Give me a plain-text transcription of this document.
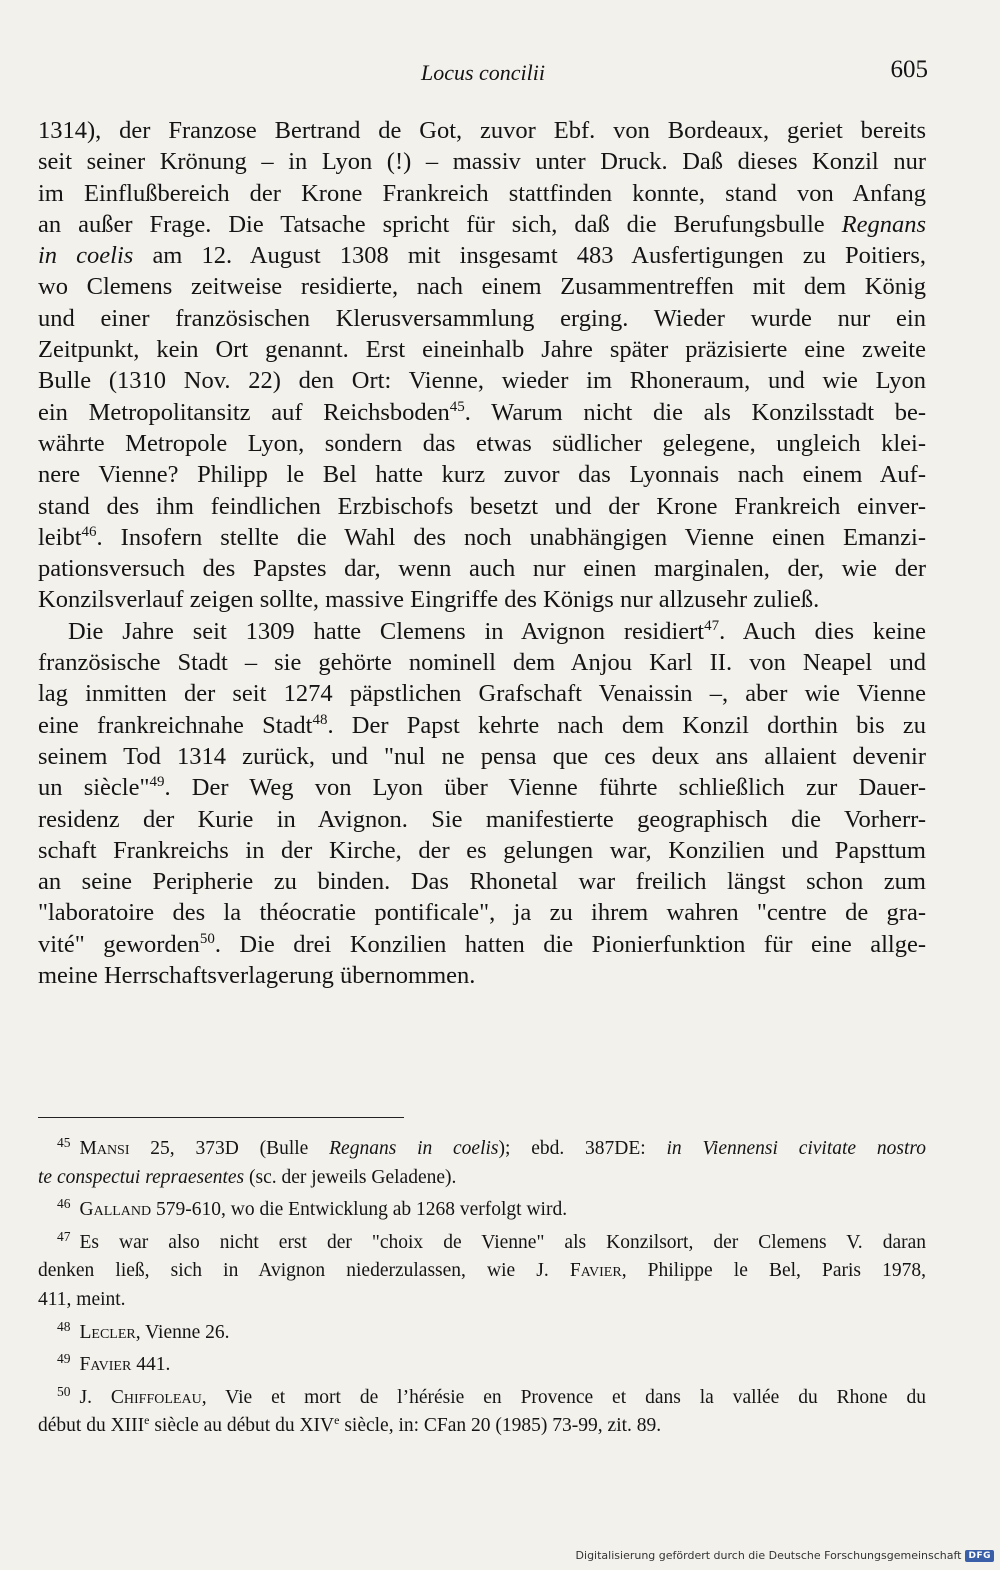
Locus concilii	605
1314), der Franzose Bertrand de Got, zuvor Ebf. von Bordeaux, geriet bereits
seit seiner Krönung – in Lyon (!) – massiv unter Druck. Daß dieses Konzil nur
im Einflußbereich der Krone Frankreich stattfinden konnte, stand von Anfang
an außer Frage. Die Tatsache spricht für sich, daß die Berufungsbulle Regnans
in coelis am 12. August 1308 mit insgesamt 483 Ausfertigungen zu Poitiers,
wo Clemens zeitweise residierte, nach einem Zusammentreffen mit dem König
und einer französischen Klerusversammlung erging. Wieder wurde nur ein
Zeitpunkt, kein Ort genannt. Erst eineinhalb Jahre später präzisierte eine zweite
Bulle (1310 Nov. 22) den Ort: Vienne, wieder im Rhoneraum, und wie Lyon
ein Metropolitansitz auf Reichsboden$^{45}$. Warum nicht die als Konzilsstadt be-
währte Metropole Lyon, sondern das etwas südlicher gelegene, ungleich klei-
nere Vienne? Philipp le Bel hatte kurz zuvor das Lyonnais nach einem Auf-
stand des ihm feindlichen Erzbischofs besetzt und der Krone Frankreich einver-
leibt$^{46}$. Insofern stellte die Wahl des noch unabhängigen Vienne einen Emanzi-
pationsversuch des Papstes dar, wenn auch nur einen marginalen, der, wie der
Konzilsverlauf zeigen sollte, massive Eingriffe des Königs nur allzusehr zuließ.
Die Jahre seit 1309 hatte Clemens in Avignon residiert$^{47}$. Auch dies keine
französische Stadt – sie gehörte nominell dem Anjou Karl II. von Neapel und
lag inmitten der seit 1274 päpstlichen Grafschaft Venaissin –, aber wie Vienne
eine frankreichnahe Stadt$^{48}$. Der Papst kehrte nach dem Konzil dorthin bis zu
seinem Tod 1314 zurück, und "nul ne pensa que ces deux ans allaient devenir
un siècle"$^{49}$. Der Weg von Lyon über Vienne führte schließlich zur Dauer-
residenz der Kurie in Avignon. Sie manifestierte geographisch die Vorherr-
schaft Frankreichs in der Kirche, der es gelungen war, Konzilien und Papsttum
an seine Peripherie zu binden. Das Rhonetal war freilich längst schon zum
"laboratoire des la théocratie pontificale", ja zu ihrem wahren "centre de gra-
vité" geworden$^{50}$. Die drei Konzilien hatten die Pionierfunktion für eine allge-
meine Herrschaftsverlagerung übernommen.
$^{45}$ Mansi 25, 373D (Bulle Regnans in coelis); ebd. 387DE: in Viennensi civitate nostro
te conspectui repraesentes (sc. der jeweils Geladene).
$^{46}$ Galland 579-610, wo die Entwicklung ab 1268 verfolgt wird.
$^{47}$ Es war also nicht erst der "choix de Vienne" als Konzilsort, der Clemens V. daran
denken ließ, sich in Avignon niederzulassen, wie J. Favier, Philippe le Bel, Paris 1978,
411, meint.
$^{48}$ Lecler, Vienne 26.
$^{49}$ Favier 441.
$^{50}$ J. Chiffoleau, Vie et mort de l’hérésie en Provence et dans la vallée du Rhone du
début du XIIIe siècle au début du XIVe siècle, in: CFan 20 (1985) 73-99, zit. 89.
Digitalisierung gefördert durch die Deutsche Forschungsgemeinschaft DFG
